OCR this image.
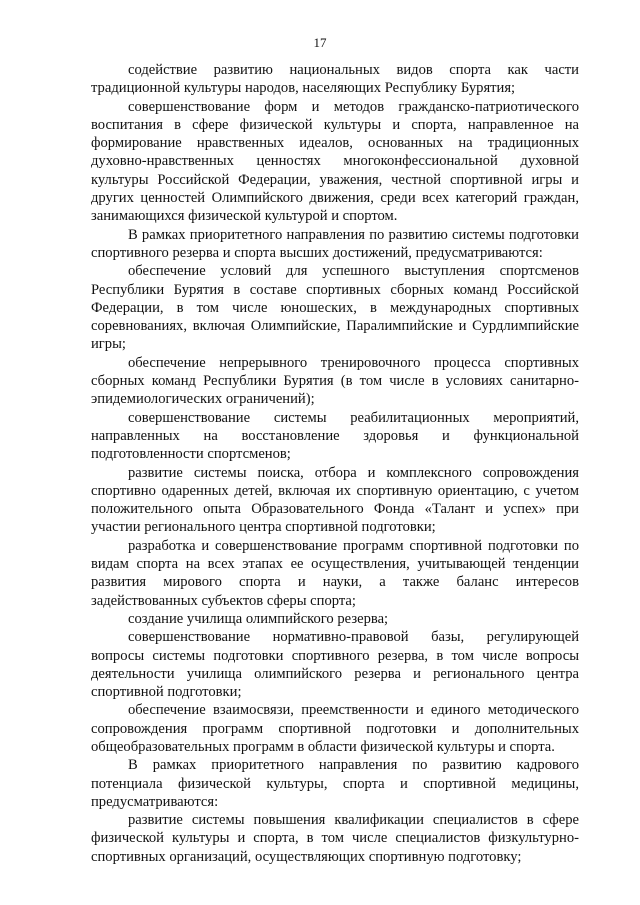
17

содействие развитию национальных видов спорта как части традиционной культуры народов, населяющих Республику Бурятия;

совершенствование форм и методов гражданско-патриотического воспитания в сфере физической культуры и спорта, направленное на формирование нравственных идеалов, основанных на традиционных духовно-нравственных ценностях многоконфессиональной духовной культуры Российской Федерации, уважения, честной спортивной игры и других ценностей Олимпийского движения, среди всех категорий граждан, занимающихся физической культурой и спортом.

В рамках приоритетного направления по развитию системы подготовки спортивного резерва и спорта высших достижений, предусматриваются:

обеспечение условий для успешного выступления спортсменов Республики Бурятия в составе спортивных сборных команд Российской Федерации, в том числе юношеских, в международных спортивных соревнованиях, включая Олимпийские, Паралимпийские и Сурдлимпийские игры;

обеспечение непрерывного тренировочного процесса спортивных сборных команд Республики Бурятия (в том числе в условиях санитарно-эпидемиологических ограничений);

совершенствование системы реабилитационных мероприятий, направленных на восстановление здоровья и функциональной подготовленности спортсменов;

развитие системы поиска, отбора и комплексного сопровождения спортивно одаренных детей, включая их спортивную ориентацию, с учетом положительного опыта Образовательного Фонда «Талант и успех» при участии регионального центра спортивной подготовки;

разработка и совершенствование программ спортивной подготовки по видам спорта на всех этапах ее осуществления, учитывающей тенденции развития мирового спорта и науки, а также баланс интересов задействованных субъектов сферы спорта;

создание училища олимпийского резерва;

совершенствование нормативно-правовой базы, регулирующей вопросы системы подготовки спортивного резерва, в том числе вопросы деятельности училища олимпийского резерва и регионального центра спортивной подготовки;

обеспечение взаимосвязи, преемственности и единого методического сопровождения программ спортивной подготовки и дополнительных общеобразовательных программ в области физической культуры и спорта.

В рамках приоритетного направления по развитию кадрового потенциала физической культуры, спорта и спортивной медицины, предусматриваются:

развитие системы повышения квалификации специалистов в сфере физической культуры и спорта, в том числе специалистов физкультурно-спортивных организаций, осуществляющих спортивную подготовку;
